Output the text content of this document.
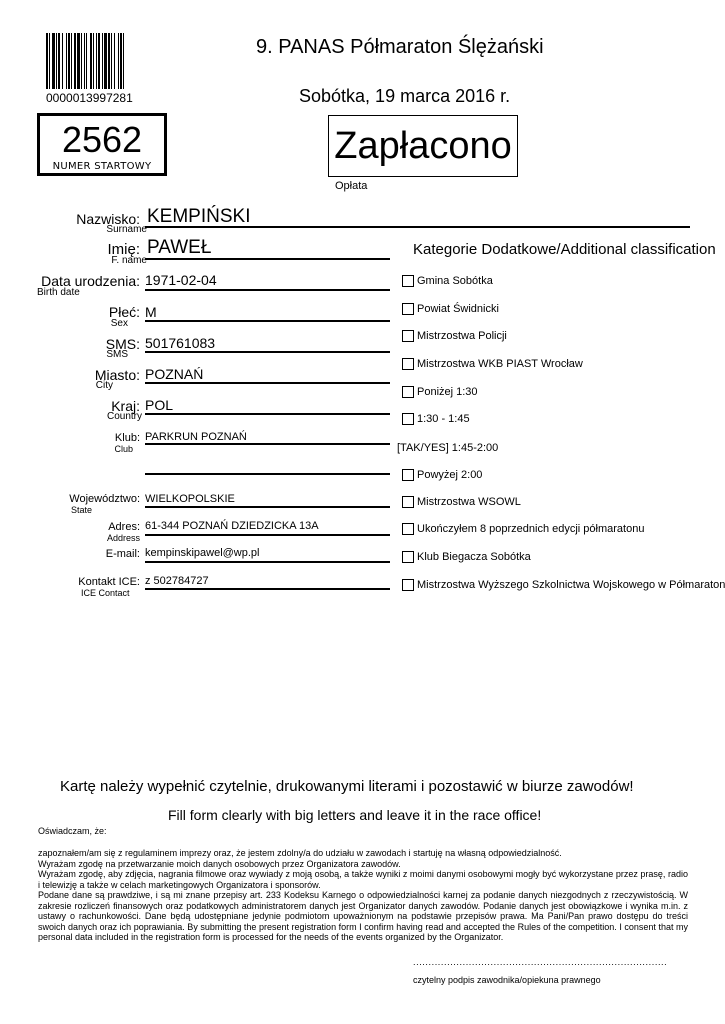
0000013997281
2562
NUMER STARTOWY
9. PANAS Półmaraton Ślężański
Sobótka, 19 marca 2016 r.
Zapłacono
Opłata
Nazwisko:
Surname
KEMPIŃSKI
Imię:
F. name
PAWEŁ
Data urodzenia:
Birth date
1971-02-04
Płeć:
Sex
M
SMS:
SMS
501761083
Miasto:
City
POZNAŃ
Kraj:
Country
POL
Klub:
Club
PARKRUN POZNAŃ
Województwo:
State
WIELKOPOLSKIE
Adres:
Address
61-344 POZNAŃ DZIEDZICKA 13A
E-mail: kempinskipawel@wp.pl
Kontakt ICE:
ICE Contact
z 502784727
Kategorie Dodatkowe/Additional classification
Gmina Sobótka
Powiat Świdnicki
Mistrzostwa Policji
Mistrzostwa WKB PIAST Wrocław
Poniżej 1:30
1:30 - 1:45
[TAK/YES] 1:45-2:00
Powyżej 2:00
Mistrzostwa WSOWL
Ukończyłem 8 poprzednich edycji półmaratonu
Klub Biegacza Sobótka
Mistrzostwa Wyższego Szkolnictwa Wojskowego w Półmaraton
Kartę należy wypełnić czytelnie, drukowanymi literami i pozostawić w biurze zawodów!
Fill form clearly with big letters and leave it in the race office!
Oświadczam, że:

zapoznałem/am się z regulaminem imprezy oraz, że jestem zdolny/a do udziału w zawodach i startuję na własną odpowiedzialność.

Wyrażam zgodę na przetwarzanie moich danych osobowych przez Organizatora zawodów.

Wyrażam zgodę, aby zdjęcia, nagrania filmowe oraz wywiady z moją osobą, a także wyniki z moimi danymi osobowymi mogły być wykorzystane przez prasę, radio i telewizję a także w celach marketingowych Organizatora i sponsorów.

Podane dane są prawdziwe, i są mi znane przepisy art. 233 Kodeksu Karnego o odpowiedzialności karnej za podanie danych niezgodnych z rzeczywistością. W zakresie rozliczeń finansowych oraz podatkowych administratorem danych jest Organizator danych zawodów. Podanie danych jest obowiązkowe i wynika m.in. z ustawy o rachunkowości. Dane będą udostępniane jedynie podmiotom upoważnionym na podstawie przepisów prawa. Ma Pani/Pan prawo dostępu do treści swoich danych oraz ich poprawiania. By submitting the present registration form I confirm having read and accepted the Rules of the competition. I consent that my personal data included in the registration form is processed for the needs of the events organized by the Organizator.

..................................................................................
czytelny podpis zawodnika/opiekuna prawnego
